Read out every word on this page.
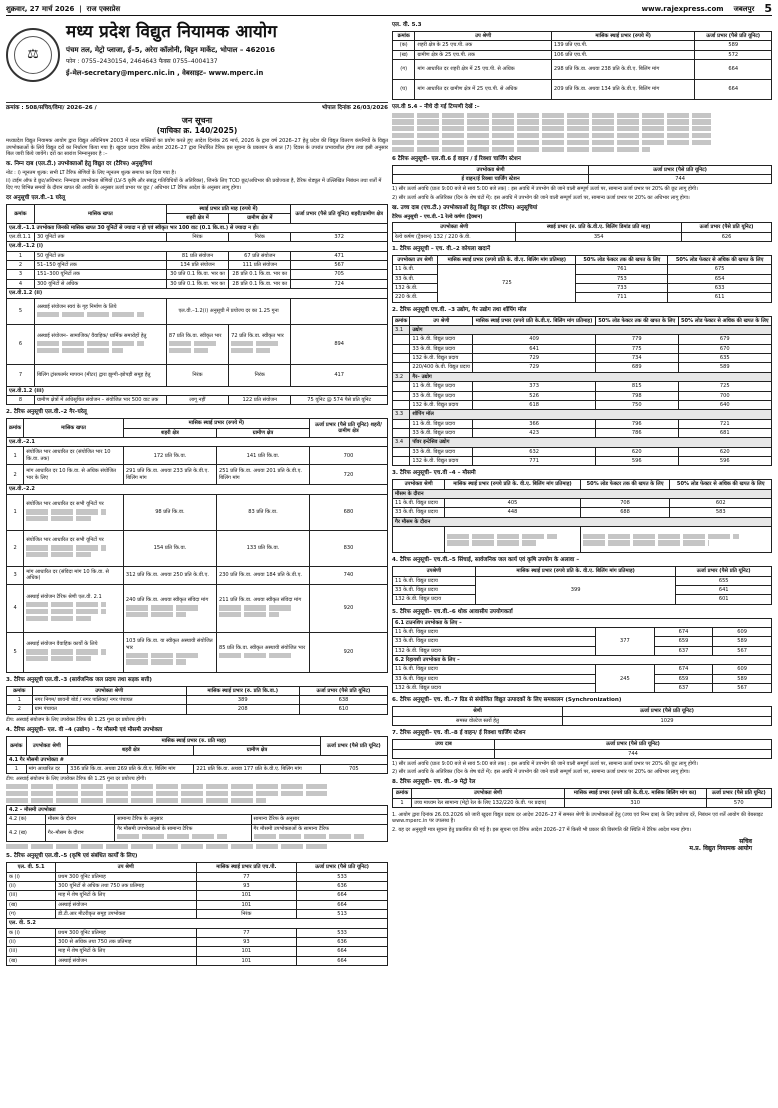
शुक्रवार, 27 मार्च 2026  |  राज एक्सप्रेस	www.rajexpress.com जबलपुर 5
⚖
मध्य प्रदेश विद्युत नियामक आयोग
पंचम तल, मेट्रो प्लाजा, ई–5, अरेरा कॉलोनी, बिट्टन मार्केट, भोपाल – 462016
फोन : 0755–2430154, 2464643 फैक्स 0755–4004137
ई–मेल-secretary@mperc.nic.in , वेबसाइट– www.mperc.in
क्रमांक : 508/सचिव/विमा/ 2026–26 /	भोपाल दिनांक 26/03/2026
जन सूचना
(याचिका क्र. 140/2025)
मध्यप्रदेश विद्युत नियामक आयोग द्वारा विद्युत अधिनियम 2003 में प्रदत्त शक्तियों का प्रयोग करते हुए आदेश दिनांक 26 मार्च, 2026 के द्वारा वर्ष 2026–27 हेतु प्रदेश की विद्युत वितरण कंपनियों के विद्युत उपभोक्ताओं के लिये विद्युत दरों का निर्धारण किया गया है। खुदरा प्रदाय टैरिफ आदेश 2026–27 द्वारा निर्धारित टैरिफ इस सूचना के प्रकाशन के सात (7) दिवस के उपरांत प्रभावशील होगा तथा इसी अनुसार बिल जारी किये जायेंगे। दरों का सारांश निम्नानुसार है :–
क. निम्न दाब (एल.टी.) उपभोक्ताओं हेतु विद्युत दर (टैरिफ) अनुसूचियां
नोट : i) न्यूनतम शुल्क: सभी LT टैरिफ श्रेणियों के लिए न्यूनतम शुल्क समाप्त कर दिया गया है।
ii) टाईम ऑफ डे छूट/अधिभार: निम्नदाब उपभोक्ता श्रेणियों (LV-5 कृषि और संबद्ध गतिविधियों के अतिरिक्त), जिनके लिए TOD छूट/अधिभार की प्रयोज्यता है, टैरिफ शेड्यूल में उल्लिखित निबंधन तथा शर्तों में दिए गए विभिन्न समयों के दौरान खपत की अवधि के अनुसार ऊर्जा प्रभार पर छूट / अधिभार LT टैरिफ आदेश के अनुसार लागू होगा।
दर अनुसूची एल.वी.–1 घरेलू
क्रमांक	मासिक खपत	स्थाई प्रभार प्रति माह (रुपये में)		ऊर्जा प्रभार (पैसे प्रति यूनिट) शहरी/ग्रामीण क्षेत्र
		शहरी क्षेत्र में	ग्रामीण क्षेत्र में	
एल.वी.–1.1 उपभोक्ता जिनकी मासिक खपत 30 यूनिटों से ज्यादा न हो एवं स्वीकृत भार 100 वाट (0.1 कि.वा.) से ज्यादा न हो।				
एल.वी.1.1	30 यूनिटों तक	निरंक	निरंक	372
एल.वी.–1.2 (i)				
1	50 यूनिटों तक	81 प्रति संयोजन	67 प्रति संयोजन	471
2	51–150 यूनिटों तक	134 प्रति संयोजन	111 प्रति संयोजन	567
3	151–300 यूनिटों तक	30 प्रति 0.1 कि.वा. भार का	28 प्रति 0.1 कि.वा. भार का	705
4	300 यूनिटों से अधिक	30 प्रति 0.1 कि.वा. भार का	28 प्रति 0.1 कि.वा. भार का	724
एल.वी.1.2 (ii)				
5	अस्थाई संयोजन स्वयं के गृह निर्माण के लिये	एल.वी.–1.2(i) अनुसूची में प्रयोज्य दर का 1.25 गुना		
6	अस्थाई संयोजन– सामाजिक/ वैवाहिक/ धार्मिक समारोहों हेतु	87 प्रति कि.वा. स्वीकृत भार	72 प्रति कि.वा. स्वीकृत भार	894
7	बिलिंग ट्रांसफार्मर मापयन (मीटर) द्वारा झुग्गी–झोपड़ी समूह हेतु	निरंक	निरंक	417
एल.वी.1.2 (iii)				
8	ग्रामीण क्षेत्रों में अधिसूचित संयोजन – संयोजित भार 500 वाट तक	लागू नहीं	122 प्रति संयोजन	75 यूनिट @ 574 पैसे प्रति यूनिट
2. टैरिफ अनुसूची एल.वी.–2 गैर–घरेलू
क्रमांक	मासिक खपत	मासिक स्थाई प्रभार (रुपये में)		ऊर्जा प्रभार (पैसे प्रति यूनिट) शहरी/ग्रामीण क्षेत्र
		शहरी क्षेत्र	ग्रामीण क्षेत्र	
एल.वी.–2.1				
1	संयोजित भार आधारित दर (संयोजित भार 10 कि.वा. तक)	172 प्रति कि.वा.	141 प्रति कि.वा.	700
2	मांग आधारित दर 10 कि.वा. से अधिक संयोजित भार के लिए	291 प्रति कि.वा. अथवा 233 प्रति के.वी.ए. बिलिंग मांग	251 प्रति कि.वा. अथवा 201 प्रति के.वी.ए. बिलिंग मांग	720
एल.वी.–2.2				
1	संयोजित भार आधारित दर सभी यूनिटों पर	98 प्रति कि.वा.	83 प्रति कि.वा.	680
2	संयोजित भार आधारित दर सभी यूनिटों पर	154 प्रति कि.वा.	133 प्रति कि.वा.	830
3	मांग आधारित दर (संविदा मांग 10 कि.वा. से अधिक)	312 प्रति कि.वा. अथवा 250 प्रति के.वी.ए.	230 प्रति कि.वा. अथवा 184 प्रति के.वी.ए.	740
4	अस्थाई संयोजन टैरिफ श्रेणी एल.वी. 2.1	240 प्रति कि.वा. अथवा स्वीकृत संविदा मांग	211 प्रति कि.वा. अथवा स्वीकृत संविदा मांग	920
5	अस्थाई संयोजन वैवाहिक कार्यों के लिये	103 प्रति कि.वा. या स्वीकृत अस्थायी संयोजित भार	85 प्रति कि.वा. स्वीकृत अस्थायी संयोजित भार	920
3. टैरिफ अनुसूची एल.वी.–3 (सार्वजनिक जल प्रदाय तथा सड़क बत्ती)
क्रमांक	उपभोक्ता श्रेणी	मासिक स्थाई प्रभार (रु. प्रति कि.वा.)	ऊर्जा प्रभार (पैसे प्रति यूनिट)
1	नगर निगम/ छावनी बोर्ड / नगर पालिका/ नगर पंचायत	389	638
2	ग्राम पंचायत	208	610
टीप: अस्थाई संयोजन के लिए उपरोक्त टैरिफ की 1.25 गुना दर प्रयोज्य होगी।
4. टैरिफ अनुसूची– एल. वी –4 (उद्योग) – गैर मौसमी एवं मौसमी उपभोक्ता
क्रमांक	उपभोक्ता श्रेणी	मासिक स्थाई प्रभार (रु. प्रति माह)		ऊर्जा प्रभार (पैसे प्रति यूनिट)
		शहरी क्षेत्र	ग्रामीण क्षेत्र	
4.1 गैर मौसमी उपभोक्ता #				
1	मांग आधारित दर	336 प्रति कि.वा. अथवा 269 प्रति के.वी.ए. बिलिंग मांग	221 प्रति कि.वा. अथवा 177 प्रति के.वी.ए. बिलिंग मांग	705
टीप: अस्थाई संयोजन के लिए उपरोक्त टैरिफ की 1.25 गुना दर प्रयोज्य होगी।
4.2 – मौसमी उपभोक्ता			
4.2 (क)	मौसम के दौरान	सामान्य टैरिफ के अनुसार	सामान्य टैरिफ के अनुसार
4.2 (ख)	गैर–मौसम के दौरान	गैर मौसमी उपभोक्ताओं के सामान्य टैरिफ	गैर मौसमी उपभोक्ताओं के सामान्य टैरिफ
5. टैरिफ अनुसूची एल.वी.–5 (कृषि एवं संबंधित कार्यों के लिए)
एल. वी. 5.1	उप श्रेणी	मासिक स्थाई प्रभार प्रति एच.पी.	ऊर्जा प्रभार (पैसे प्रति यूनिट)
क (i)	प्रथम 300 यूनिट प्रतिमाह	77	533
(ii)	300 यूनिटों से अधिक तथा 750 तक प्रतिमाह	93	636
(iii)	माह में शेष यूनिटों के लिए	101	664
(ख)	अस्थाई संयोजन	101	664
(ग)	डी.टी.आर मीटरीकृत समूह उपभोक्ता	निरंक	513
एल. वी. 5.2			
क (i)	प्रथम 300 यूनिट प्रतिमाह	77	533
(ii)	300 से अधिक तथा 750 तक प्रतिमाह	93	636
(iii)	माह में शेष यूनिटों के लिए	101	664
(ख)	अस्थाई संयोजन	101	664
एल. वी. 5.3
क्रमांक	उप श्रेणी	मासिक स्थाई प्रभार (रुपये में)	ऊर्जा प्रभार (पैसे प्रति यूनिट)
(क)	शहरी क्षेत्र के 25 एच.पी. तक	139 प्रति एच.पी.	589
(ख)	ग्रामीण क्षेत्र के 25 एच.पी. तक	106 प्रति एच.पी.	572
(ग)	मांग आधारित दर शहरी क्षेत्र में 25 एच.पी. से अधिक	298 प्रति कि.वा. अथवा 238 प्रति के.वी.ए. बिलिंग मांग	664
(घ)	मांग आधारित दर ग्रामीण क्षेत्र में 25 एच.पी. से अधिक	209 प्रति कि.वा. अथवा 134 प्रति के.वी.ए. बिलिंग मांग	664
एल.वी 5.4 – नीचे दी गई टिप्पणी देखें :–
6 टैरिफ अनुसूची– एल.वी.6 ई वाहन / ई रिक्शा चार्जिंग स्टेशन
उपभोक्ता श्रेणी	ऊर्जा प्रभार (पैसे प्रति यूनिट)
ई वाहन/ई रिक्शा चार्जिंग स्टेशन	744
1) सौर ऊर्जा अवधि (प्रातः 9:00 बजे से सायं 5:00 बजे तक) : इस अवधि में उपभोग की जाने वाली सम्पूर्ण ऊर्जा पर, सामान्य ऊर्जा प्रभार पर 20% की छूट लागू होगी।
2) सौर ऊर्जा अवधि के अतिरिक्त (दिन के शेष घंटों में): इस अवधि में उपभोग की जाने वाली सम्पूर्ण ऊर्जा पर, सामान्य ऊर्जा प्रभार पर 20% का अधिभार लागू होगा।
ख. उच्च दाब (एच.टी.) उपभोक्ताओं हेतु विद्युत दर (टैरिफ) अनुसूचियां
टैरिफ अनुसूची – एच.वी.–1 रेल्वे कर्षण (ट्रैक्शन)
उपभोक्ता श्रेणी	स्थाई प्रभार (रु. प्रति के.वी.ए. बिलिंग डिमांड प्रति माह)	ऊर्जा प्रभार (पैसे प्रति यूनिट)
रेल्वे कर्षण (ट्रैक्शन) 132 / 220 के.वी.	354	626
1. टैरिफ अनुसूची – एच. वी.–2 कोयला खदानें
उपभोक्ता उप श्रेणी	मासिक स्थाई प्रभार (रुपये प्रति के. वी.ए. बिलिंग मांग प्रतिमाह)	50% लोड फेक्टर तक की खपत के लिए	50% लोड फेक्टर से अधिक की खपत के लिए

11 के.वी.	725	761	675
33 के.वी.		753	654
132 के.वी.		733	633
220 के.वी.		711	611
2. टैरिफ अनुसूची एच.वी. –3 उद्योग, गैर उद्योग तथा शॉपिंग मॉल
क्रमांक	उप श्रेणी	मासिक स्थाई प्रभार (रुपये प्रति के.वी.ए. बिलिंग मांग प्रतिमाह)	50% लोड फेक्टर तक की खपत के लिए	50% लोड फेक्टर से अधिक की खपत के लिए
3.1	उद्योग			
	11 के.वी. विद्युत प्रदाय	409	779	679
	33 के.वी. विद्युत प्रदाय	641	775	670
	132 के.वी. विद्युत प्रदाय	729	734	635
	220/400 के.वी. विद्युत प्रदाय	729	689	589
3.2	गैर– उद्योग			
	11 के.वी. विद्युत प्रदाय	373	815	725
	33 के.वी. विद्युत प्रदाय	526	798	700
	132 के.वी. विद्युत प्रदाय	618	750	640
3.3	शॉपिंग मॉल			
	11 के.वी. विद्युत प्रदाय	366	796	721
	33 के.वी. विद्युत प्रदाय	423	786	681
3.4	पॉवर इन्टेसिव उद्योग			
	33 के.वी. विद्युत प्रदाय	632	620	620
	132 के.वी. विद्युत प्रदाय	771	596	596
3. टैरिफ अनुसूची– एच.वी –4 – मौसमी
उपभोक्ता श्रेणी	मासिक स्थाई प्रभार (रुपये प्रति के. वी.ए. बिलिंग मांग प्रतिमाह)	50% लोड फेक्टर तक की खपत के लिए	50% लोड फेक्टर से अधिक की खपत के लिए
मौसम के दौरान			
11 के.वी. विद्युत प्रदाय	405	708	602
33 के.वी. विद्युत प्रदाय	448	688	583
गैर मौसम के दौरान			

4. टैरिफ अनुसूची– एच.वी.–5 सिंचाई, सार्वजनिक जल कार्य एवं कृषि उपयोग के अलावा –
उपश्रेणी	मासिक स्थाई प्रभार (रुपये प्रति के. वी.ए. बिलिंग मांग प्रतिमाह)	ऊर्जा प्रभार (पैसे प्रति यूनिट)
11 के.वी. विद्युत प्रदाय	399	655
33 के.वी. विद्युत प्रदाय		641
132 के.वी. विद्युत प्रदाय		601
5. टैरिफ अनुसूची– एच.वी.–6 थोक आवासीय उपयोगकर्ता
6.1 टाउनशिप उपभोक्ता के लिए –			
11 के.वी. विद्युत प्रदाय	377	674	609
33 के.वी. विद्युत प्रदाय		659	589
132 के.वी. विद्युत प्रदाय		637	567
6.2 रिहायशी उपभोक्ता के लिए –			
11 के.वी. विद्युत प्रदाय	245	674	609
33 के.वी. विद्युत प्रदाय		659	589
132 के.वी. विद्युत प्रदाय		637	567
6. टैरिफ अनुसूची– एच. वी.–7 ग्रिड से संयोजित विद्युत उत्पादकों के लिए समकालन (Synchronization)
श्रेणी	ऊर्जा प्रभार (पैसे प्रति यूनिट)
समस्त वोल्टेज स्तरों हेतु	1029
7. टैरिफ अनुसूची– एच. वी.–8 ई वाहन/ ई रिक्शा चार्जिंग स्टेशन
उच्च दाब	ऊर्जा प्रभार (पैसे प्रति यूनिट)
	744
1) सौर ऊर्जा अवधि (प्रातः 9:00 बजे से सायं 5:00 बजे तक) : इस अवधि में उपभोग की जाने वाली सम्पूर्ण ऊर्जा पर, सामान्य ऊर्जा प्रभार पर 20% की छूट लागू होगी।
2) सौर ऊर्जा अवधि के अतिरिक्त (दिन के शेष घंटों में): इस अवधि में उपभोग की जाने वाली सम्पूर्ण ऊर्जा पर, सामान्य ऊर्जा प्रभार पर 20% का अधिभार लागू होगा।
8. टैरिफ अनुसूची– एच. वी.–9 मेट्रो रेल
क्रमांक	उपभोक्ता श्रेणी	मासिक स्थाई प्रभार (रुपये प्रति के.वी.ए. मासिक बिलिंग मांग का)	ऊर्जा प्रभार (पैसे प्रति यूनिट)
1	उच्च माध्यम रेल सामान्य (मेट्रो रेल के लिए 132/220 के.वी. पर प्रदाय)	310	570
1. आयोग द्वारा दिनांक 26.03.2026 को जारी खुदरा विद्युत प्रदाय दर आदेश 2026–27 में समस्त श्रेणी के उपभोक्ताओं हेतु (उच्च एवं निम्न दाब) के लिए प्रयोज्य दरें, निबंधन एवं शर्तें आयोग की वेबसाइट www.mperc.in पर उपलब्ध है।
2. यह दर अनुसूची मात्र सूचना हेतु प्रकाशित की गई है। इस सूचना एवं टैरिफ आदेश 2026–27 में किसी भी प्रकार की विसंगति की स्थिति में टैरिफ आदेश मान्य होगा।
सचिव
म.प्र. विद्युत नियामक आयोग
